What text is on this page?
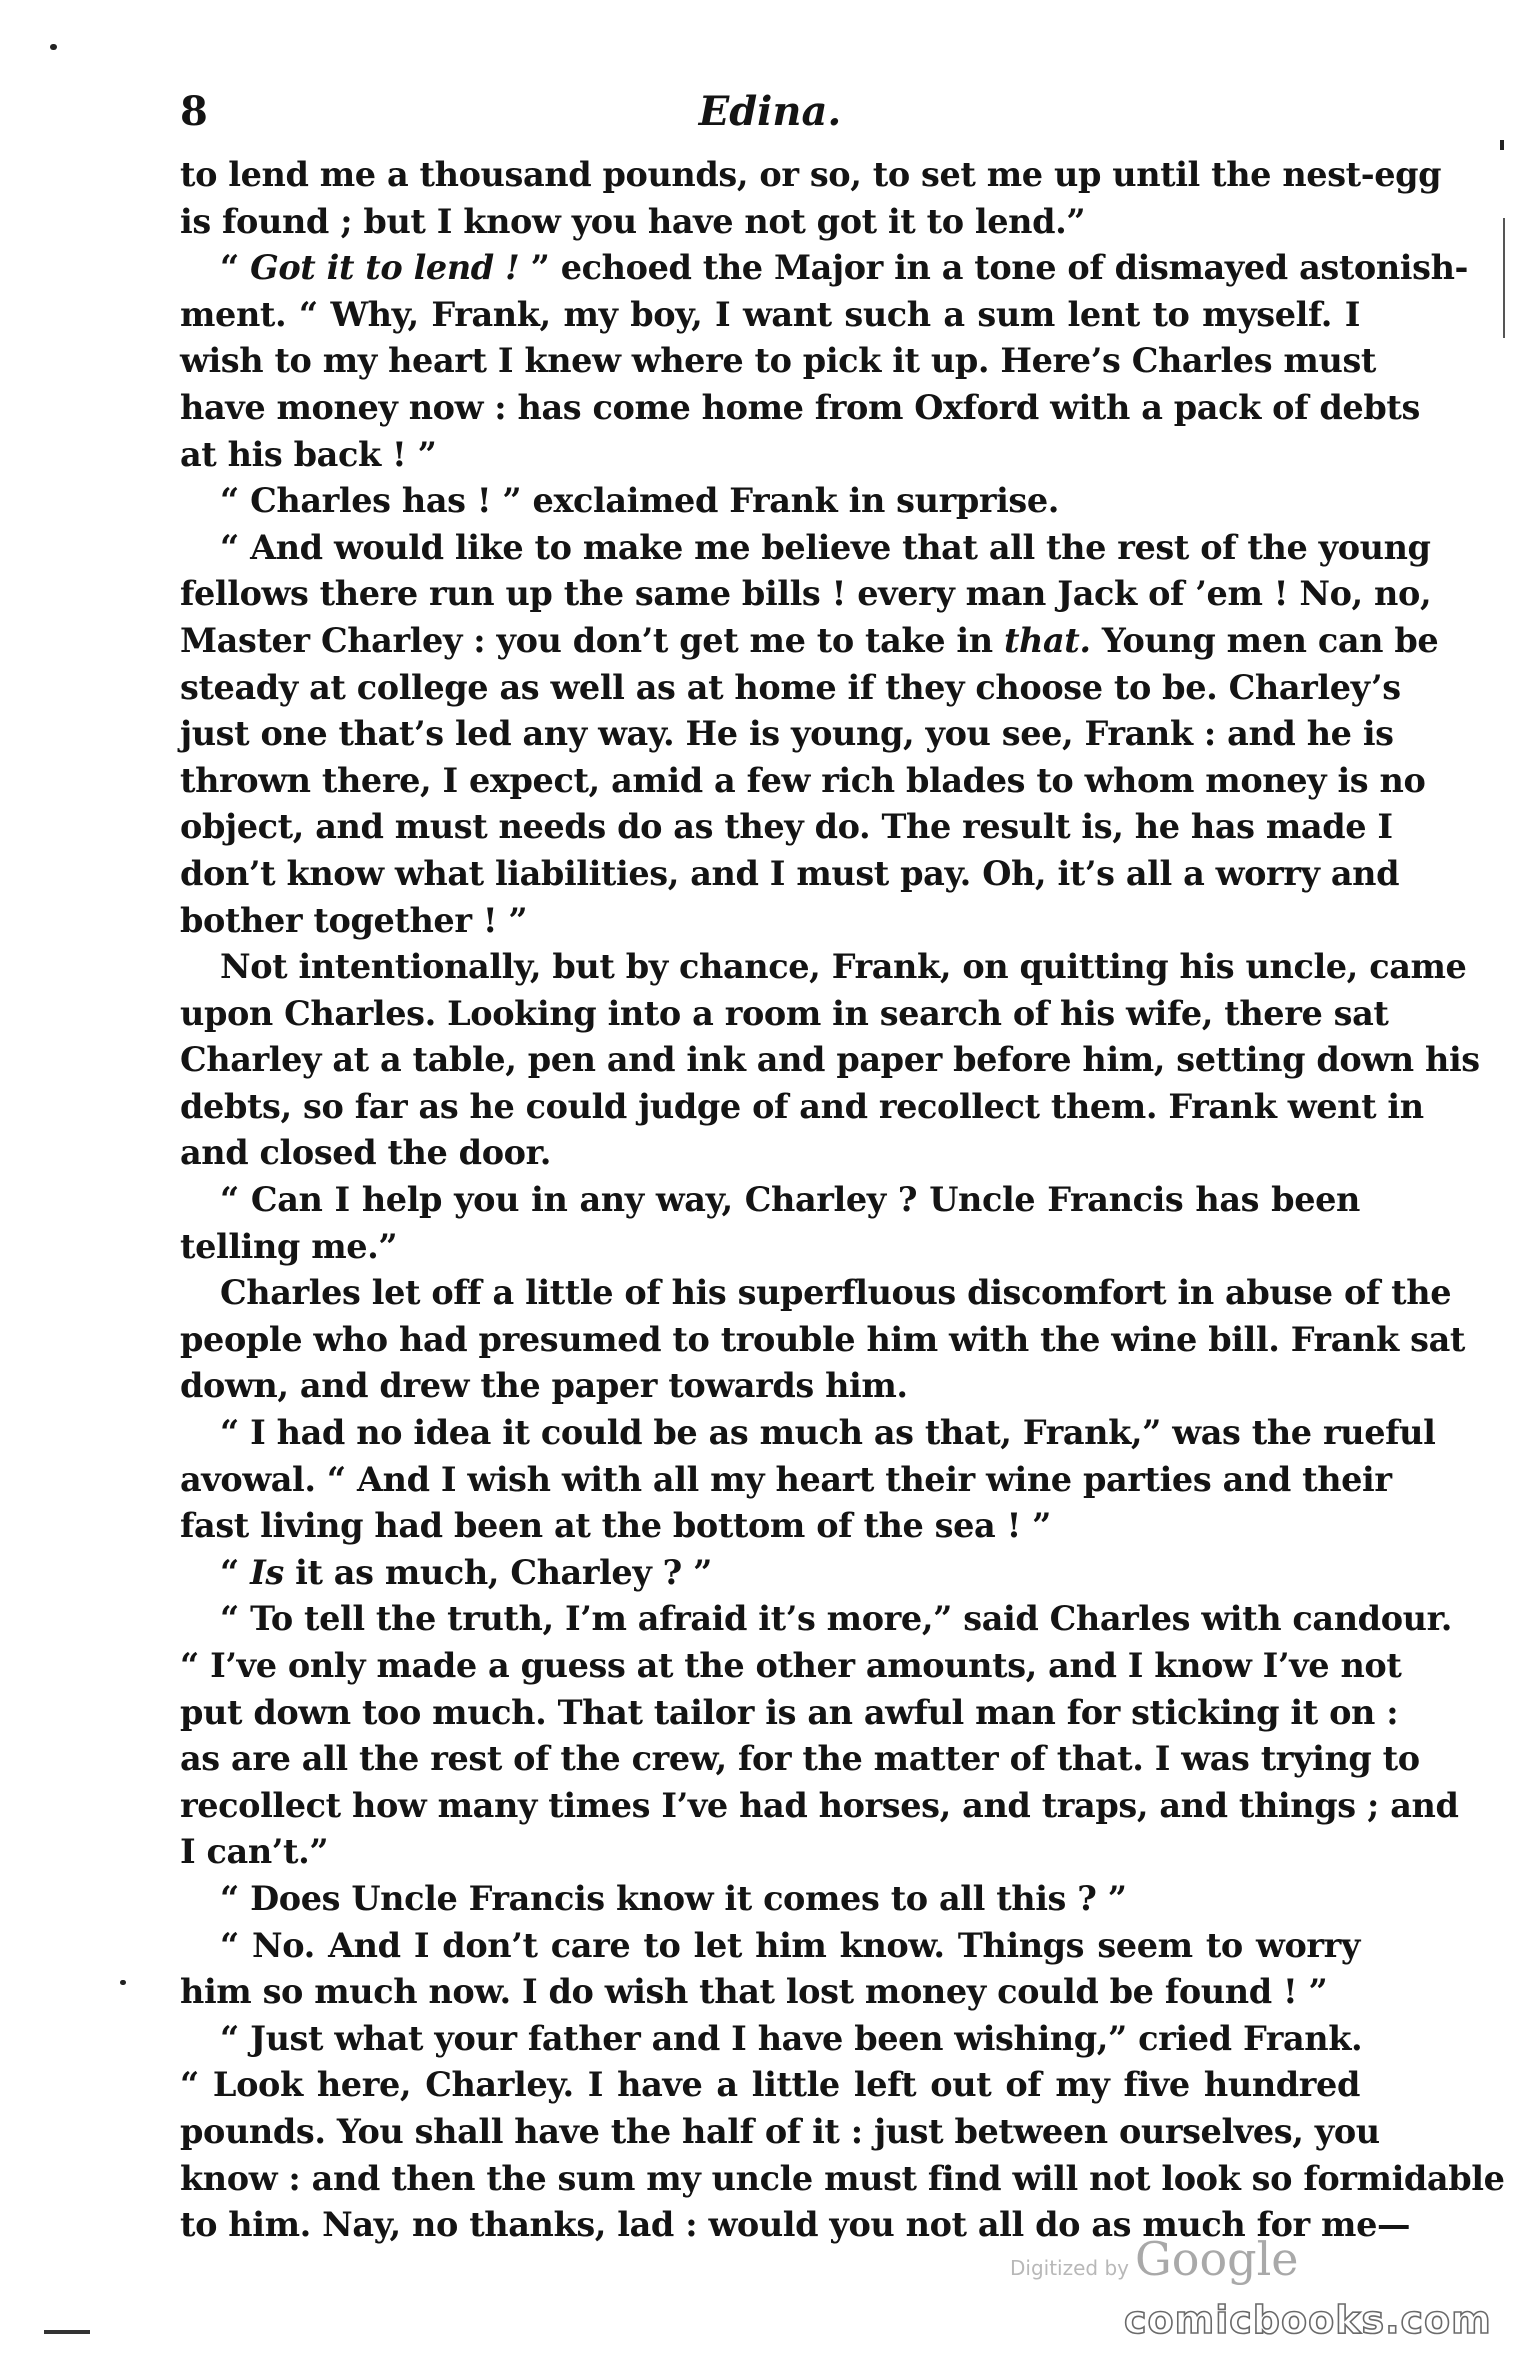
8	Edina.
to lend me a thousand pounds, or so, to set me up until the nest-egg
is found ; but I know you have not got it to lend.”
“ Got it to lend ! ” echoed the Major in a tone of dismayed astonish-
ment. “ Why, Frank, my boy, I want such a sum lent to myself. I
wish to my heart I knew where to pick it up. Here’s Charles must
have money now : has come home from Oxford with a pack of debts
at his back ! ”
“ Charles has ! ” exclaimed Frank in surprise.
“ And would like to make me believe that all the rest of the young
fellows there run up the same bills ! every man Jack of ’em ! No, no,
Master Charley : you don’t get me to take in that. Young men can be
steady at college as well as at home if they choose to be. Charley’s
just one that’s led any way. He is young, you see, Frank : and he is
thrown there, I expect, amid a few rich blades to whom money is no
object, and must needs do as they do. The result is, he has made I
don’t know what liabilities, and I must pay. Oh, it’s all a worry and
bother together ! ”
Not intentionally, but by chance, Frank, on quitting his uncle, came
upon Charles. Looking into a room in search of his wife, there sat
Charley at a table, pen and ink and paper before him, setting down his
debts, so far as he could judge of and recollect them. Frank went in
and closed the door.
“ Can I help you in any way, Charley ? Uncle Francis has been
telling me.”
Charles let off a little of his superfluous discomfort in abuse of the
people who had presumed to trouble him with the wine bill. Frank sat
down, and drew the paper towards him.
“ I had no idea it could be as much as that, Frank,” was the rueful
avowal. “ And I wish with all my heart their wine parties and their
fast living had been at the bottom of the sea ! ”
“ Is it as much, Charley ? ”
“ To tell the truth, I’m afraid it’s more,” said Charles with candour.
“ I’ve only made a guess at the other amounts, and I know I’ve not
put down too much. That tailor is an awful man for sticking it on :
as are all the rest of the crew, for the matter of that. I was trying to
recollect how many times I’ve had horses, and traps, and things ; and
I can’t.”
“ Does Uncle Francis know it comes to all this ? ”
“ No. And I don’t care to let him know. Things seem to worry
him so much now. I do wish that lost money could be found ! ”
“ Just what your father and I have been wishing,” cried Frank.
“ Look here, Charley. I have a little left out of my five hundred
pounds. You shall have the half of it : just between ourselves, you
know : and then the sum my uncle must find will not look so formidable
to him. Nay, no thanks, lad : would you not all do as much for me—
Digitized by Google
comicbooks.com
